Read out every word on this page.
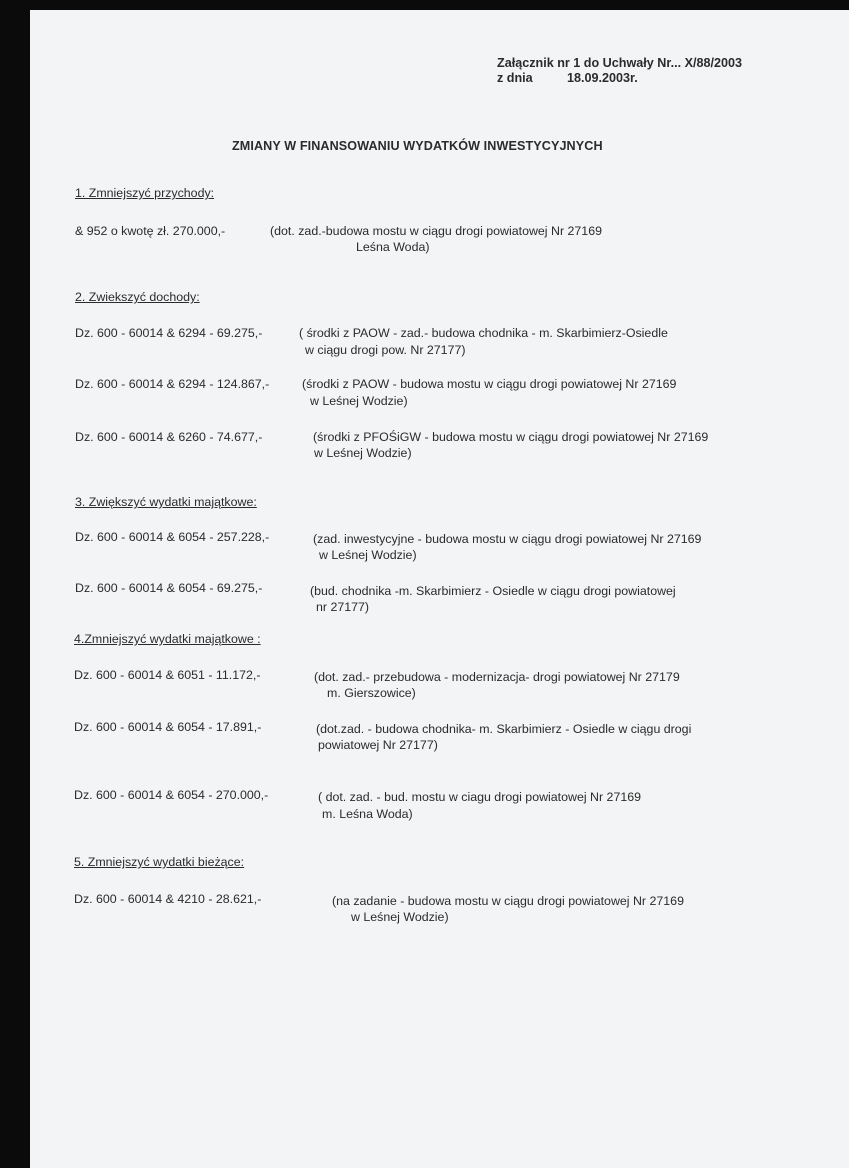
Załącznik nr 1 do Uchwały Nr... X/88/2003
z dnia	18.09.2003r.
ZMIANY W FINANSOWANIU WYDATKÓW INWESTYCYJNYCH
1. Zmniejszyć przychody:
& 952 o kwotę zł. 270.000,-	(dot. zad.-budowa mostu w ciągu drogi powiatowej Nr 27169
Leśna Woda)
2. Zwiekszyć dochody:
Dz. 600 - 60014 & 6294 - 69.275,-	( środki z PAOW - zad.- budowa chodnika - m. Skarbimierz-Osiedle
w ciągu drogi pow. Nr 27177)
Dz. 600 - 60014 & 6294 - 124.867,-	(środki z PAOW - budowa mostu w ciągu drogi powiatowej Nr 27169
w Leśnej Wodzie)
Dz. 600 - 60014 & 6260 - 74.677,-	(środki z PFOŚiGW - budowa mostu w ciągu drogi powiatowej Nr 27169
w Leśnej Wodzie)
3. Zwiększyć wydatki majątkowe:
Dz. 600 - 60014 & 6054 - 257.228,-	(zad. inwestycyjne - budowa mostu w ciągu drogi powiatowej Nr 27169
w Leśnej Wodzie)
Dz. 600 - 60014 & 6054 - 69.275,-	(bud. chodnika -m. Skarbimierz - Osiedle w ciągu drogi powiatowej
nr 27177)
4.Zmniejszyć wydatki majątkowe :
Dz. 600 - 60014 & 6051 - 11.172,-	(dot. zad.- przebudowa - modernizacja- drogi powiatowej Nr 27179
m. Gierszowice)
Dz. 600 - 60014 & 6054 - 17.891,-	(dot.zad. - budowa chodnika- m. Skarbimierz - Osiedle w ciągu drogi
powiatowej Nr 27177)
Dz. 600 - 60014 & 6054 - 270.000,-	( dot. zad. - bud. mostu w ciagu drogi powiatowej Nr 27169
m. Leśna Woda)
5. Zmniejszyć wydatki bieżące:
Dz. 600 - 60014 & 4210 - 28.621,-	(na zadanie - budowa mostu w ciągu drogi powiatowej Nr 27169
w Leśnej Wodzie)
